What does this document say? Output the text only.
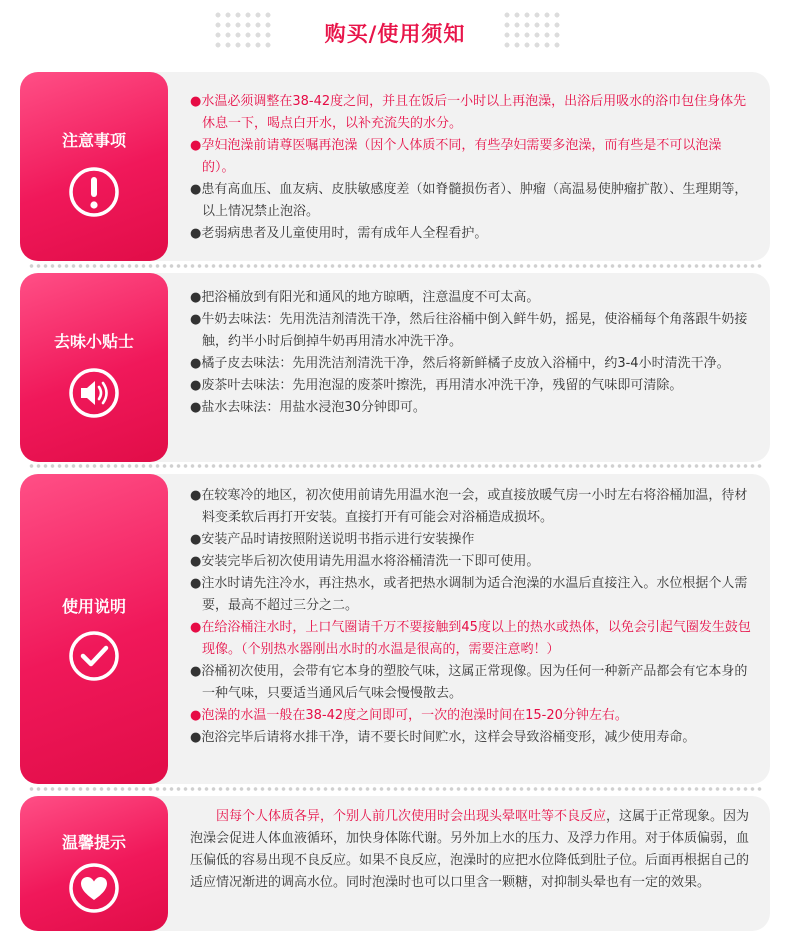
购买/使用须知
注意事项

●水温必须调整在38-42度之间，并且在饭后一小时以上再泡澡，出浴后用吸水的浴巾包住身体先休息一下，喝点白开水，以补充流失的水分。

●孕妇泡澡前请尊医嘱再泡澡（因个人体质不同，有些孕妇需要多泡澡，而有些是不可以泡澡的）。

●患有高血压、血友病、皮肤敏感度差（如脊髓损伤者）、肿瘤（高温易使肿瘤扩散）、生理期等，以上情况禁止泡浴。

●老弱病患者及儿童使用时，需有成年人全程看护。

去味小贴士

●把浴桶放到有阳光和通风的地方晾晒，注意温度不可太高。

●牛奶去味法：先用洗洁剂清洗干净，然后往浴桶中倒入鲜牛奶，摇晃，使浴桶每个角落跟牛奶接触，约半小时后倒掉牛奶再用清水冲洗干净。

●橘子皮去味法：先用洗洁剂清洗干净，然后将新鲜橘子皮放入浴桶中，约3-4小时清洗干净。

●废茶叶去味法：先用泡湿的废茶叶擦洗，再用清水冲洗干净，残留的气味即可清除。

●盐水去味法：用盐水浸泡30分钟即可。

使用说明

●在较寒冷的地区，初次使用前请先用温水泡一会，或直接放暖气房一小时左右将浴桶加温，待材料变柔软后再打开安装。直接打开有可能会对浴桶造成损坏。

●安装产品时请按照附送说明书指示进行安装操作

●安装完毕后初次使用请先用温水将浴桶清洗一下即可使用。

●注水时请先注冷水，再注热水，或者把热水调制为适合泡澡的水温后直接注入。水位根据个人需要，最高不超过三分之二。

●在给浴桶注水时，上口气圈请千万不要接触到45度以上的热水或热体，以免会引起气圈发生鼓包现像。（个别热水器刚出水时的水温是很高的，需要注意哟！）

●浴桶初次使用，会带有它本身的塑胶气味，这属正常现像。因为任何一种新产品都会有它本身的一种气味，只要适当通风后气味会慢慢散去。

●泡澡的水温一般在38-42度之间即可，一次的泡澡时间在15-20分钟左右。

●泡浴完毕后请将水排干净，请不要长时间贮水，这样会导致浴桶变形，减少使用寿命。

温馨提示

因每个人体质各异，个别人前几次使用时会出现头晕呕吐等不良反应，这属于正常现象。因为泡澡会促进人体血液循环，加快身体陈代谢。另外加上水的压力、及浮力作用。对于体质偏弱，血压偏低的容易出现不良反应。如果不良反应，泡澡时的应把水位降低到肚子位。后面再根据自己的适应情况渐进的调高水位。同时泡澡时也可以口里含一颗糖，对抑制头晕也有一定的效果。
